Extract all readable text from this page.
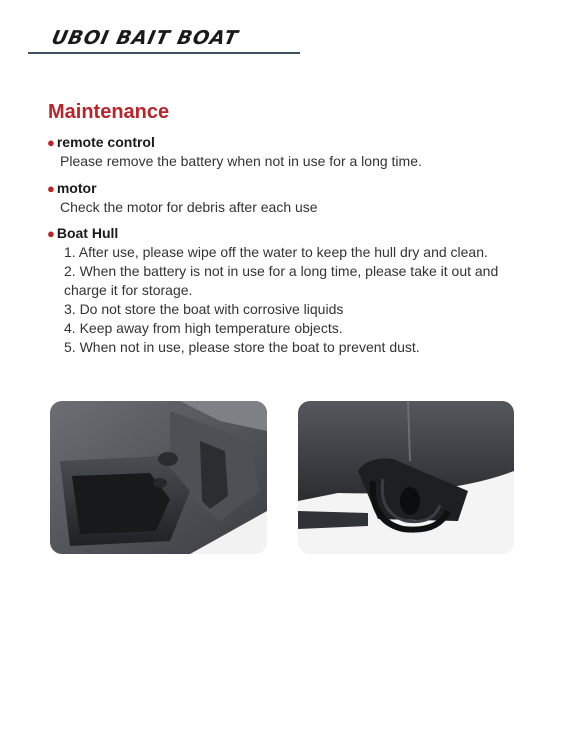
UBOI BAIT BOAT
Maintenance
● remote control
Please remove the battery when not in use for a long time.
● motor
Check the motor for debris after each use
● Boat Hull
1. After use, please wipe off the water to keep the hull dry and clean.
2. When the battery is not in use for a long time, please take it out and charge it for storage.
3. Do not store the boat with corrosive liquids
4. Keep away from high temperature objects.
5. When not in use, please store the boat to prevent dust.
